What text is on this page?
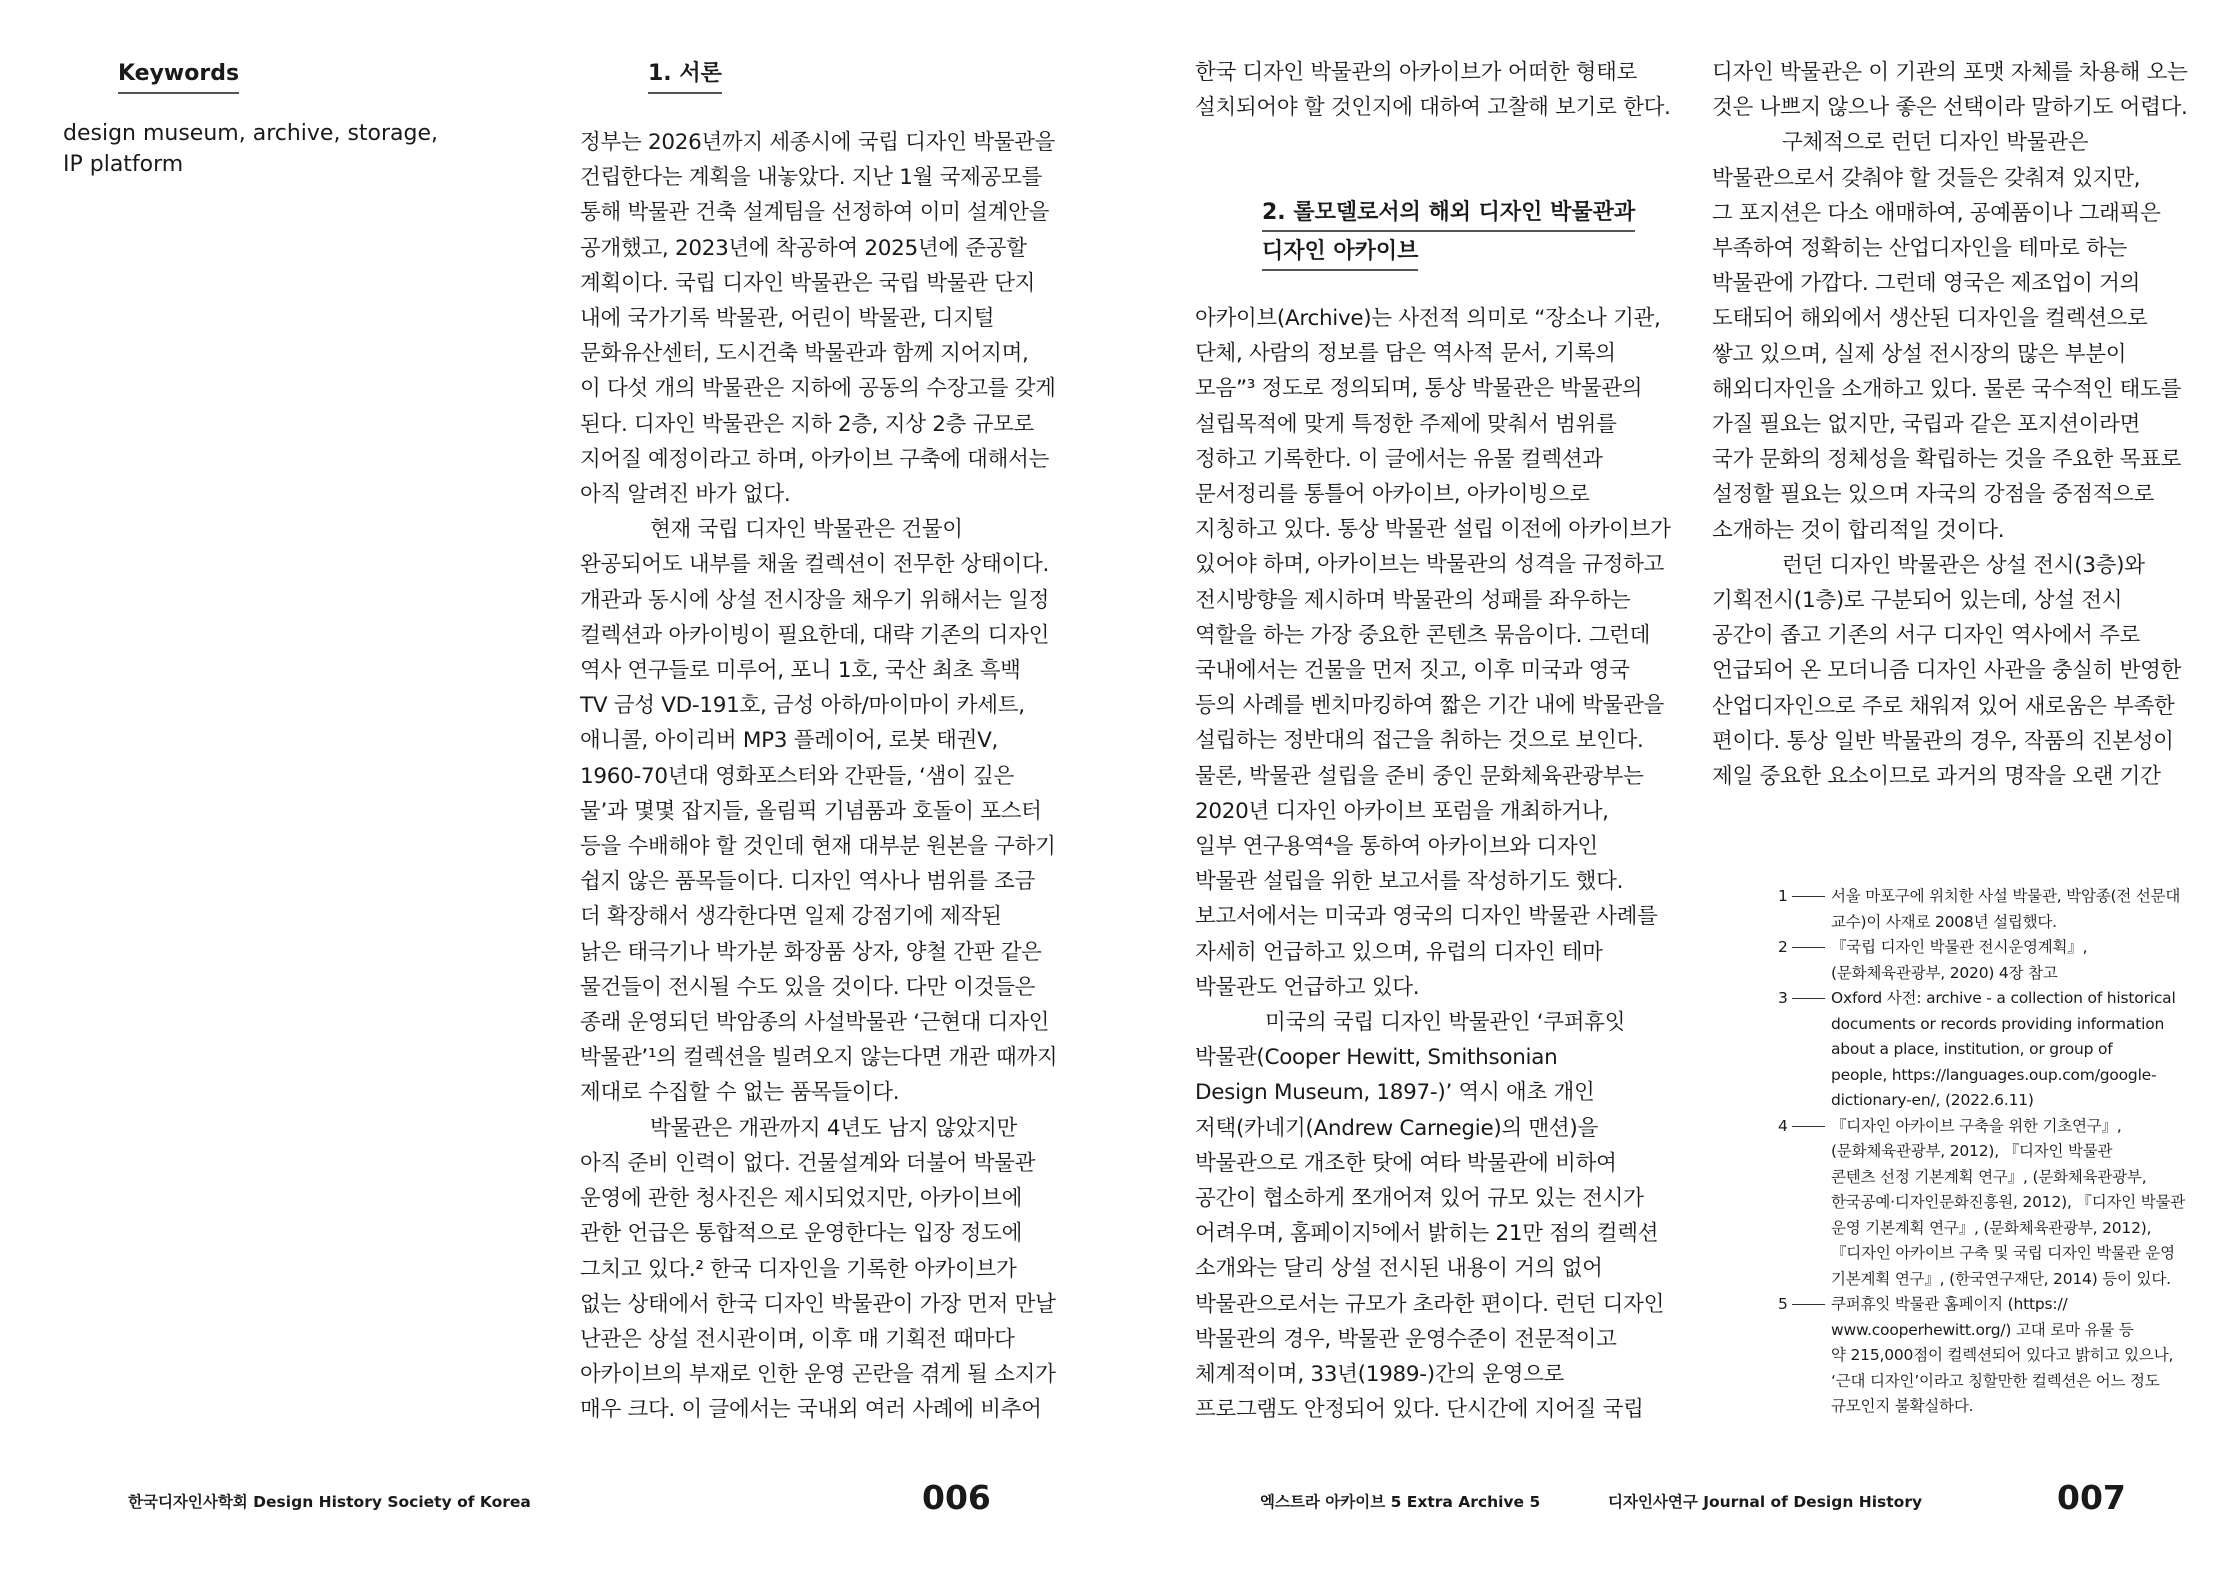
Keywords
design museum, archive, storage,
IP platform
1. 서론
정부는 2026년까지 세종시에 국립 디자인 박물관을
건립한다는 계획을 내놓았다. 지난 1월 국제공모를
통해 박물관 건축 설계팀을 선정하여 이미 설계안을
공개했고, 2023년에 착공하여 2025년에 준공할
계획이다. 국립 디자인 박물관은 국립 박물관 단지
내에 국가기록 박물관, 어린이 박물관, 디지털
문화유산센터, 도시건축 박물관과 함께 지어지며,
이 다섯 개의 박물관은 지하에 공동의 수장고를 갖게
된다. 디자인 박물관은 지하 2층, 지상 2층 규모로
지어질 예정이라고 하며, 아카이브 구축에 대해서는
아직 알려진 바가 없다.
현재 국립 디자인 박물관은 건물이
완공되어도 내부를 채울 컬렉션이 전무한 상태이다.
개관과 동시에 상설 전시장을 채우기 위해서는 일정
컬렉션과 아카이빙이 필요한데, 대략 기존의 디자인
역사 연구들로 미루어, 포니 1호, 국산 최초 흑백
TV 금성 VD-191호, 금성 아하/마이마이 카세트,
애니콜, 아이리버 MP3 플레이어, 로봇 태권V,
1960-70년대 영화포스터와 간판들, ‘샘이 깊은
물’과 몇몇 잡지들, 올림픽 기념품과 호돌이 포스터
등을 수배해야 할 것인데 현재 대부분 원본을 구하기
쉽지 않은 품목들이다. 디자인 역사나 범위를 조금
더 확장해서 생각한다면 일제 강점기에 제작된
낡은 태극기나 박가분 화장품 상자, 양철 간판 같은
물건들이 전시될 수도 있을 것이다. 다만 이것들은
종래 운영되던 박암종의 사설박물관 ‘근현대 디자인
박물관’¹의 컬렉션을 빌려오지 않는다면 개관 때까지
제대로 수집할 수 없는 품목들이다.
박물관은 개관까지 4년도 남지 않았지만
아직 준비 인력이 없다. 건물설계와 더불어 박물관
운영에 관한 청사진은 제시되었지만, 아카이브에
관한 언급은 통합적으로 운영한다는 입장 정도에
그치고 있다.² 한국 디자인을 기록한 아카이브가
없는 상태에서 한국 디자인 박물관이 가장 먼저 만날
난관은 상설 전시관이며, 이후 매 기획전 때마다
아카이브의 부재로 인한 운영 곤란을 겪게 될 소지가
매우 크다. 이 글에서는 국내외 여러 사례에 비추어
한국디자인사학회 Design History Society of Korea	006
한국 디자인 박물관의 아카이브가 어떠한 형태로
설치되어야 할 것인지에 대하여 고찰해 보기로 한다.
2. 롤모델로서의 해외 디자인 박물관과
디자인 아카이브
아카이브(Archive)는 사전적 의미로 “장소나 기관,
단체, 사람의 정보를 담은 역사적 문서, 기록의
모음”³ 정도로 정의되며, 통상 박물관은 박물관의
설립목적에 맞게 특정한 주제에 맞춰서 범위를
정하고 기록한다. 이 글에서는 유물 컬렉션과
문서정리를 통틀어 아카이브, 아카이빙으로
지칭하고 있다. 통상 박물관 설립 이전에 아카이브가
있어야 하며, 아카이브는 박물관의 성격을 규정하고
전시방향을 제시하며 박물관의 성패를 좌우하는
역할을 하는 가장 중요한 콘텐츠 묶음이다. 그런데
국내에서는 건물을 먼저 짓고, 이후 미국과 영국
등의 사례를 벤치마킹하여 짧은 기간 내에 박물관을
설립하는 정반대의 접근을 취하는 것으로 보인다.
물론, 박물관 설립을 준비 중인 문화체육관광부는
2020년 디자인 아카이브 포럼을 개최하거나,
일부 연구용역⁴을 통하여 아카이브와 디자인
박물관 설립을 위한 보고서를 작성하기도 했다.
보고서에서는 미국과 영국의 디자인 박물관 사례를
자세히 언급하고 있으며, 유럽의 디자인 테마
박물관도 언급하고 있다.
미국의 국립 디자인 박물관인 ‘쿠퍼휴잇
박물관(Cooper Hewitt, Smithsonian
Design Museum, 1897-)’ 역시 애초 개인
저택(카네기(Andrew Carnegie)의 맨션)을
박물관으로 개조한 탓에 여타 박물관에 비하여
공간이 협소하게 쪼개어져 있어 규모 있는 전시가
어려우며, 홈페이지⁵에서 밝히는 21만 점의 컬렉션
소개와는 달리 상설 전시된 내용이 거의 없어
박물관으로서는 규모가 초라한 편이다. 런던 디자인
박물관의 경우, 박물관 운영수준이 전문적이고
체계적이며, 33년(1989-)간의 운영으로
프로그램도 안정되어 있다. 단시간에 지어질 국립
디자인 박물관은 이 기관의 포맷 자체를 차용해 오는
것은 나쁘지 않으나 좋은 선택이라 말하기도 어렵다.
구체적으로 런던 디자인 박물관은
박물관으로서 갖춰야 할 것들은 갖춰져 있지만,
그 포지션은 다소 애매하여, 공예품이나 그래픽은
부족하여 정확히는 산업디자인을 테마로 하는
박물관에 가깝다. 그런데 영국은 제조업이 거의
도태되어 해외에서 생산된 디자인을 컬렉션으로
쌓고 있으며, 실제 상설 전시장의 많은 부분이
해외디자인을 소개하고 있다. 물론 국수적인 태도를
가질 필요는 없지만, 국립과 같은 포지션이라면
국가 문화의 정체성을 확립하는 것을 주요한 목표로
설정할 필요는 있으며 자국의 강점을 중점적으로
소개하는 것이 합리적일 것이다.
런던 디자인 박물관은 상설 전시(3층)와
기획전시(1층)로 구분되어 있는데, 상설 전시
공간이 좁고 기존의 서구 디자인 역사에서 주로
언급되어 온 모더니즘 디자인 사관을 충실히 반영한
산업디자인으로 주로 채워져 있어 새로움은 부족한
편이다. 통상 일반 박물관의 경우, 작품의 진본성이
제일 중요한 요소이므로 과거의 명작을 오랜 기간
1	서울 마포구에 위치한 사설 박물관, 박암종(전 선문대
교수)이 사재로 2008년 설립했다.
2	『국립 디자인 박물관 전시운영계획』,
(문화체육관광부, 2020) 4장 참고
3	Oxford 사전: archive - a collection of historical
documents or records providing information
about a place, institution, or group of
people, https://languages.oup.com/google-
dictionary-en/, (2022.6.11)
4	『디자인 아카이브 구축을 위한 기초연구』,
(문화체육관광부, 2012), 『디자인 박물관
콘텐츠 선정 기본계획 연구』, (문화체육관광부,
한국공예·디자인문화진흥원, 2012), 『디자인 박물관
운영 기본계획 연구』, (문화체육관광부, 2012),
『디자인 아카이브 구축 및 국립 디자인 박물관 운영
기본계획 연구』, (한국연구재단, 2014) 등이 있다.
5	쿠퍼휴잇 박물관 홈페이지 (https://
www.cooperhewitt.org/) 고대 로마 유물 등
약 215,000점이 컬렉션되어 있다고 밝히고 있으나,
‘근대 디자인’이라고 칭할만한 컬렉션은 어느 정도
규모인지 불확실하다.
엑스트라 아카이브 5 Extra Archive 5	디자인사연구 Journal of Design History	007
